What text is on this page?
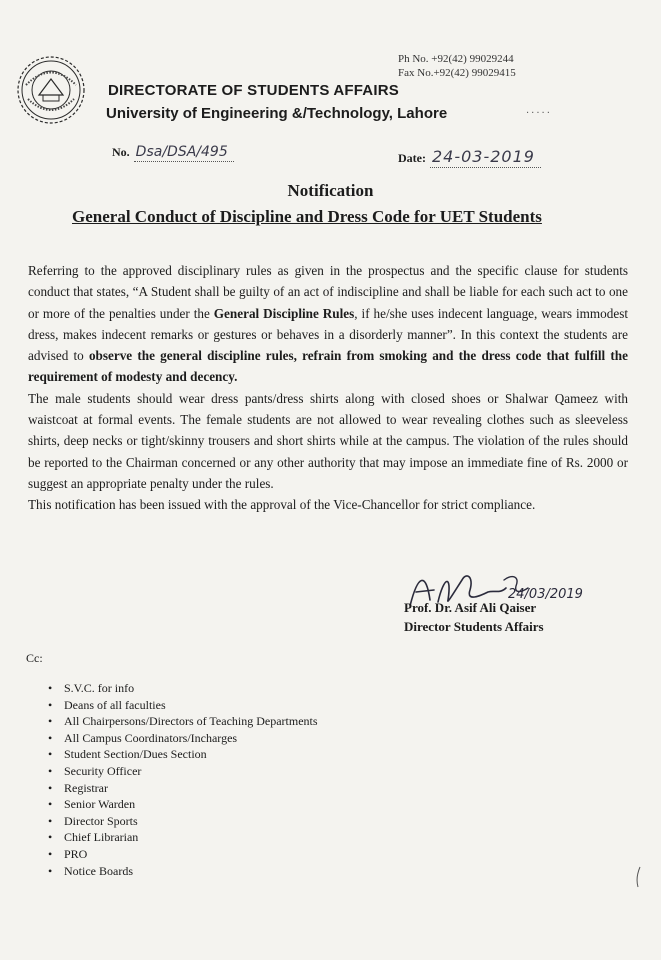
Ph No. +92(42) 99029244
Fax No.+92(42) 99029415
DIRECTORATE OF STUDENTS AFFAIRS
University of Engineering &/Technology, Lahore	·····
No. Dsa/DSA/495	Date: 24-03-2019
Notification
General Conduct of Discipline and Dress Code for UET Students

Referring to the approved disciplinary rules as given in the prospectus and the specific clause for students conduct that states, “A Student shall be guilty of an act of indiscipline and shall be liable for each such act to one or more of the penalties under the General Discipline Rules, if he/she uses indecent language, wears immodest dress, makes indecent remarks or gestures or behaves in a disorderly manner”. In this context the students are advised to observe the general discipline rules, refrain from smoking and the dress code that fulfill the requirement of modesty and decency.

The male students should wear dress pants/dress shirts along with closed shoes or Shalwar Qameez with waistcoat at formal events. The female students are not allowed to wear revealing clothes such as sleeveless shirts, deep necks or tight/skinny trousers and short shirts while at the campus. The violation of the rules should be reported to the Chairman concerned or any other authority that may impose an immediate fine of Rs. 2000 or suggest an appropriate penalty under the rules.

This notification has been issued with the approval of the Vice-Chancellor for strict compliance.

24/03/2019
Prof. Dr. Asif Ali Qaiser
Director Students Affairs
Cc:
• S.V.C. for info
• Deans of all faculties
• All Chairpersons/Directors of Teaching Departments
• All Campus Coordinators/Incharges
• Student Section/Dues Section
• Security Officer
• Registrar
• Senior Warden
• Director Sports
• Chief Librarian
• PRO
• Notice Boards
